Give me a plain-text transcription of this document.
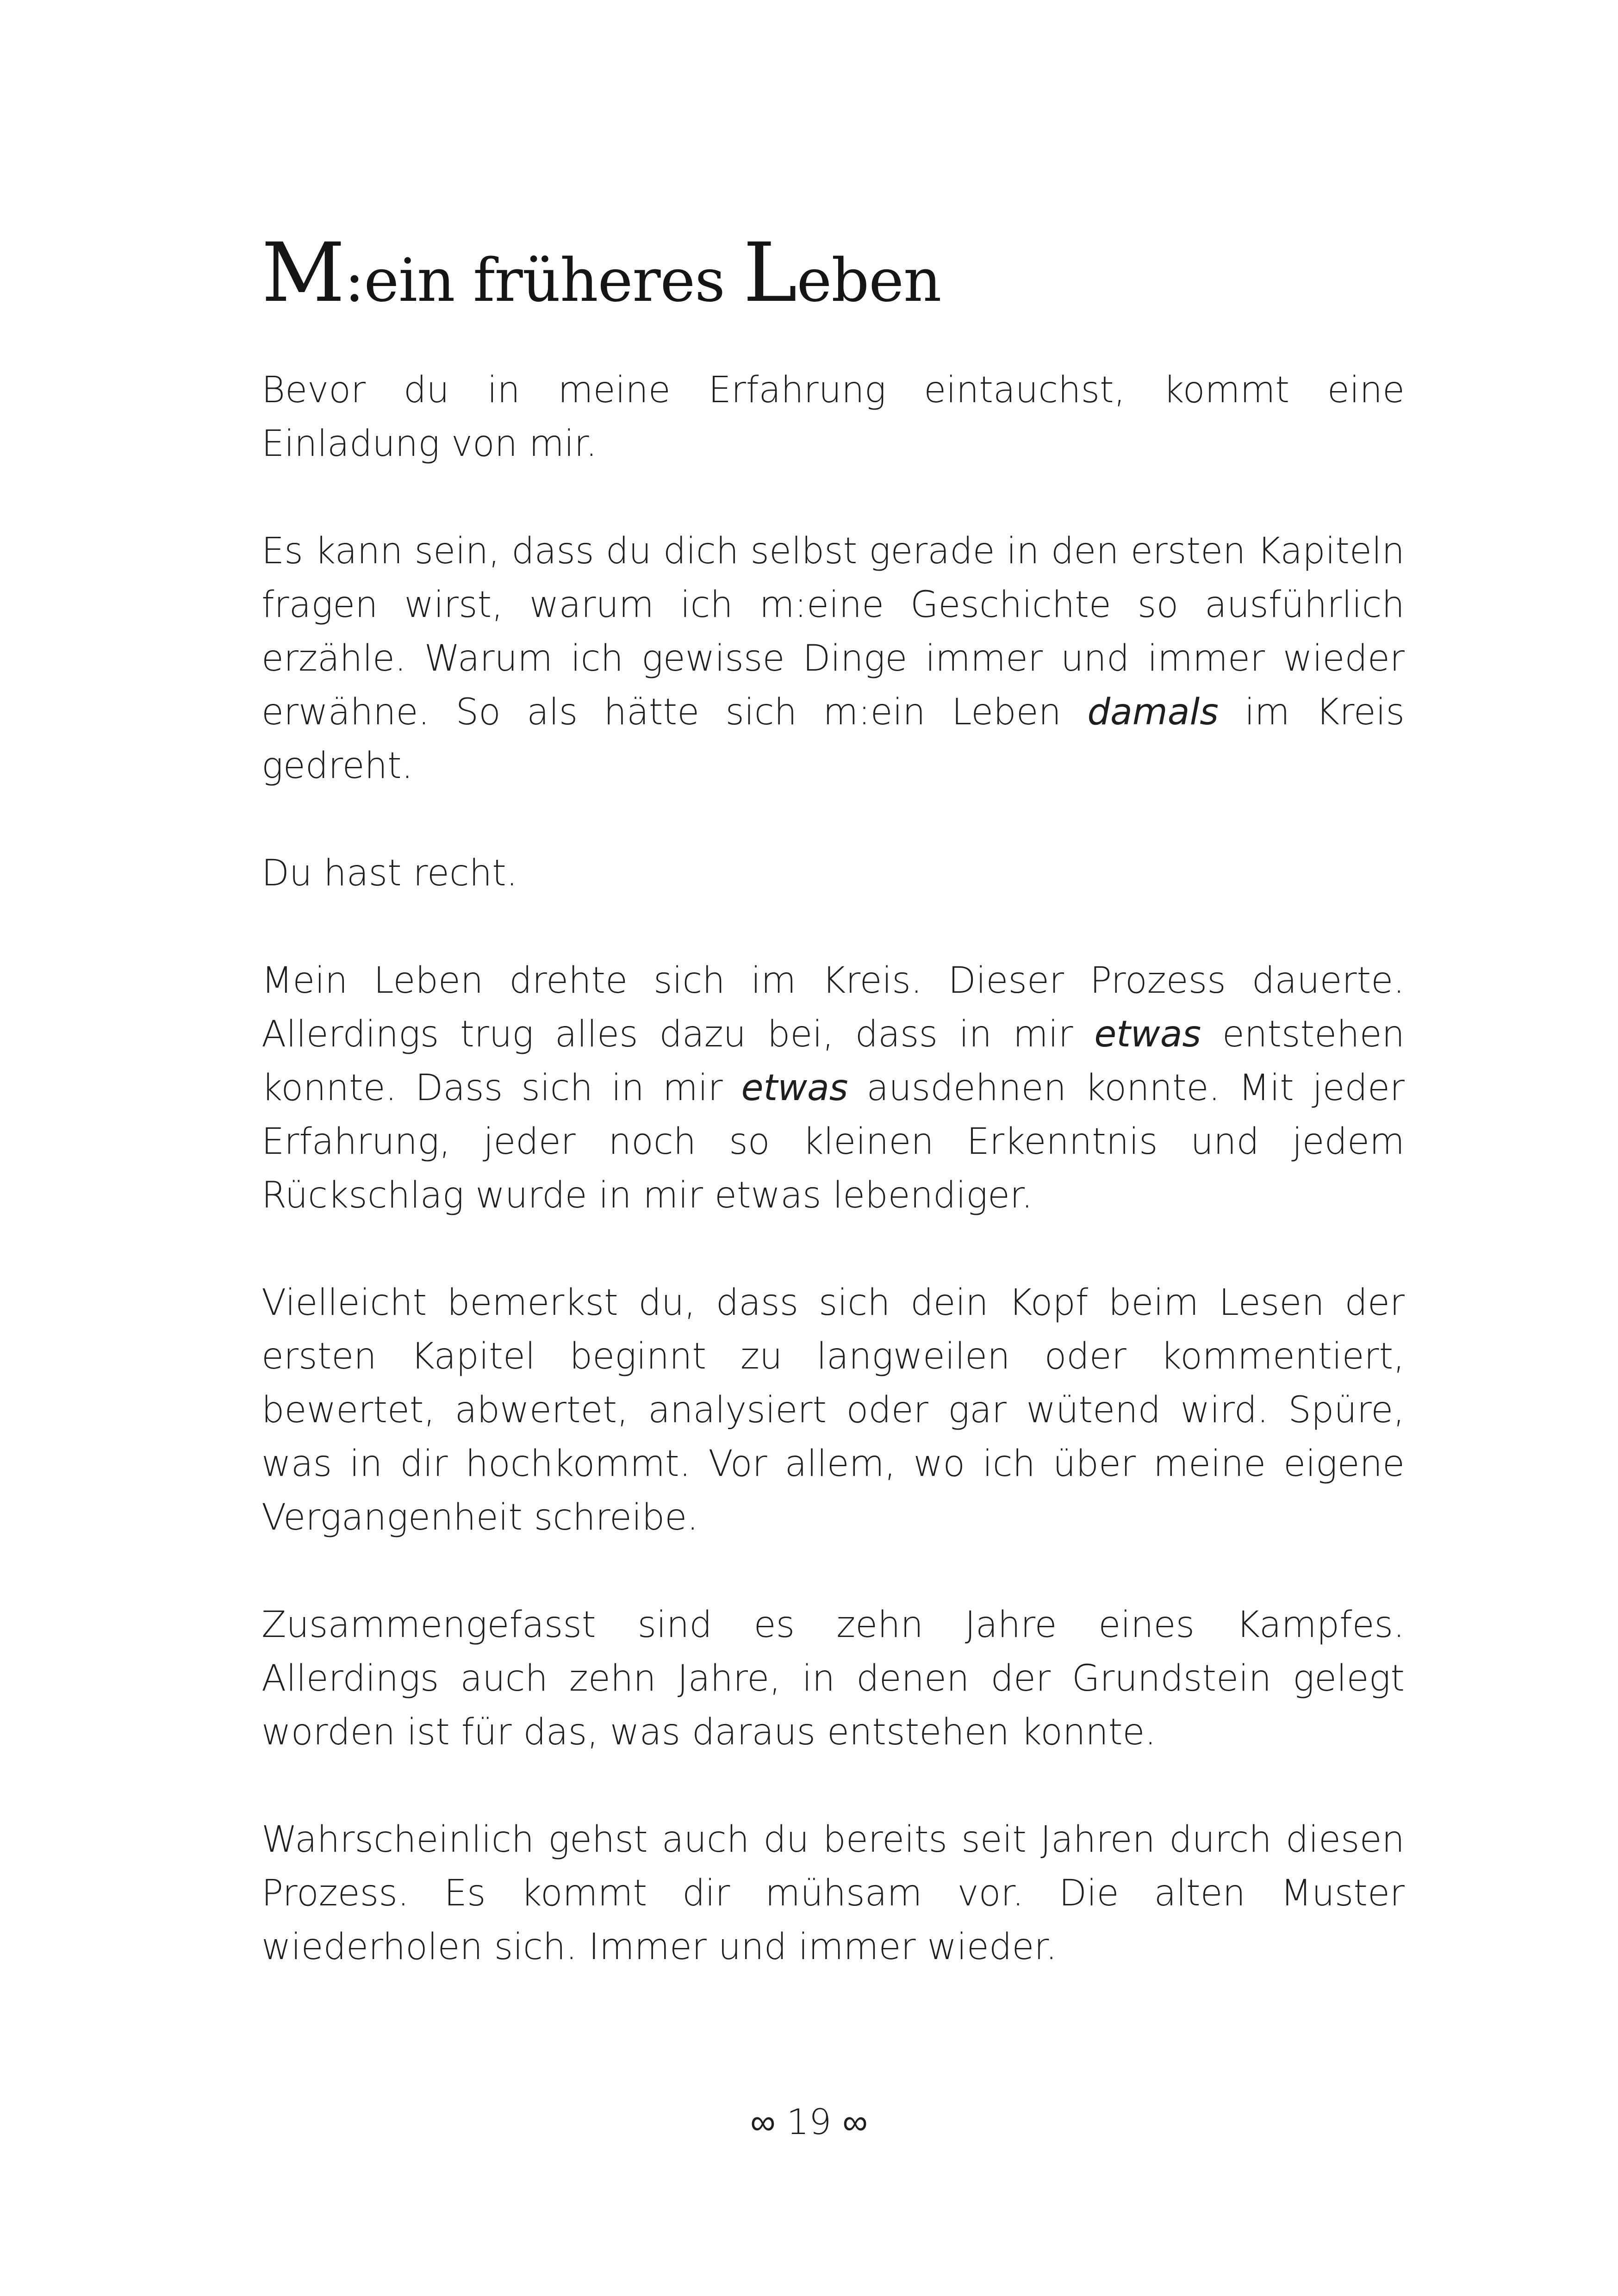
M:ein früheres Leben

Bevor du in meine Erfahrung eintauchst, kommt eine Einladung von mir.

Es kann sein, dass du dich selbst gerade in den ersten Kapiteln fragen wirst, warum ich m:eine Geschichte so ausführlich erzähle. Warum ich gewisse Dinge immer und immer wieder erwähne. So als hätte sich m:ein Leben damals im Kreis gedreht.

Du hast recht.

Mein Leben drehte sich im Kreis. Dieser Prozess dauerte. Allerdings trug alles dazu bei, dass in mir etwas entstehen konnte. Dass sich in mir etwas ausdehnen konnte. Mit jeder Erfahrung, jeder noch so kleinen Erkenntnis und jedem Rückschlag wurde in mir etwas lebendiger.

Vielleicht bemerkst du, dass sich dein Kopf beim Lesen der ersten Kapitel beginnt zu langweilen oder kommentiert, bewertet, abwertet, analysiert oder gar wütend wird. Spüre, was in dir hochkommt. Vor allem, wo ich über meine eigene Vergangenheit schreibe.

Zusammengefasst sind es zehn Jahre eines Kampfes. Allerdings auch zehn Jahre, in denen der Grundstein gelegt worden ist für das, was daraus entstehen konnte.

Wahrscheinlich gehst auch du bereits seit Jahren durch diesen Prozess. Es kommt dir mühsam vor. Die alten Muster wiederholen sich. Immer und immer wieder.

∞ 19 ∞
